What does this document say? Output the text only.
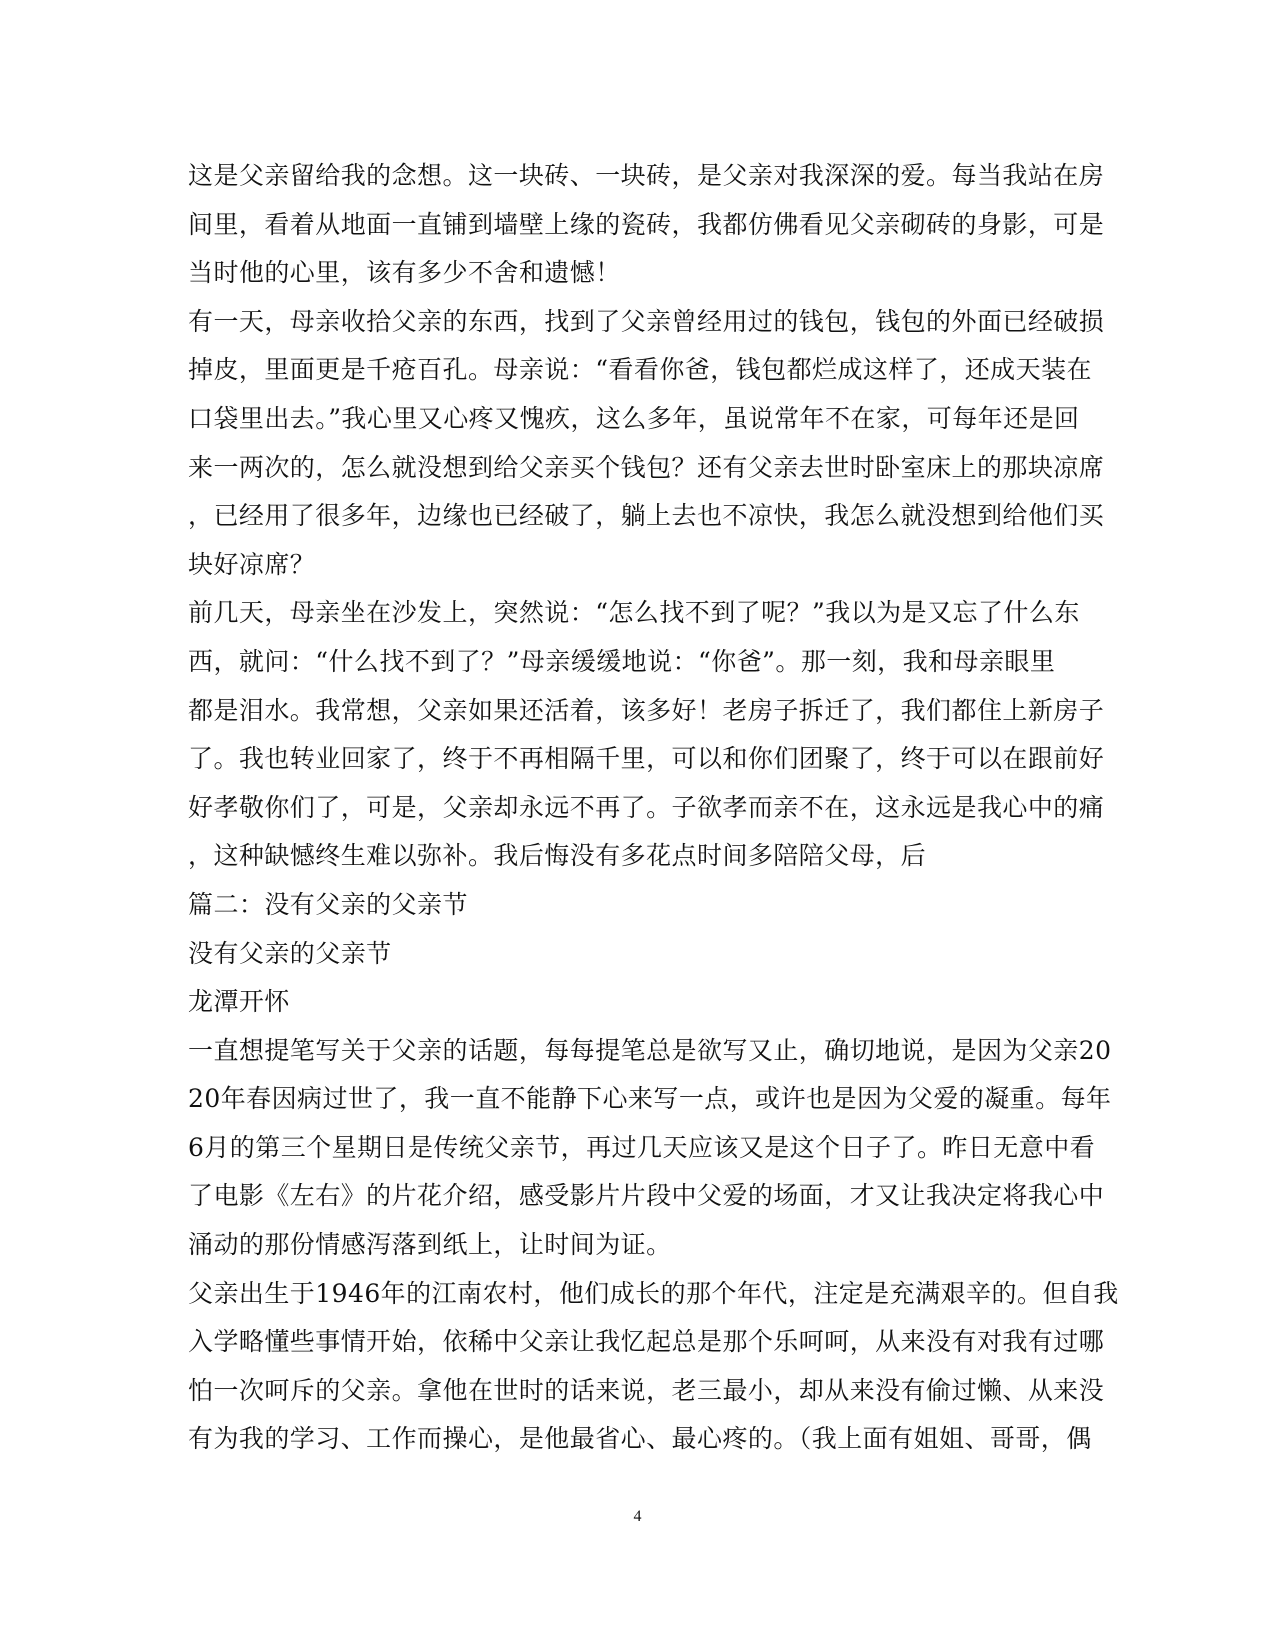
这是父亲留给我的念想。这一块砖、一块砖，是父亲对我深深的爱。每当我站在房
间里，看着从地面一直铺到墙壁上缘的瓷砖，我都仿佛看见父亲砌砖的身影，可是
当时他的心里，该有多少不舍和遗憾！
有一天，母亲收拾父亲的东西，找到了父亲曾经用过的钱包，钱包的外面已经破损
掉皮，里面更是千疮百孔。母亲说：“看看你爸，钱包都烂成这样了，还成天装在
口袋里出去。”我心里又心疼又愧疚，这么多年，虽说常年不在家，可每年还是回
来一两次的，怎么就没想到给父亲买个钱包？还有父亲去世时卧室床上的那块凉席
，已经用了很多年，边缘也已经破了，躺上去也不凉快，我怎么就没想到给他们买
块好凉席？
前几天，母亲坐在沙发上，突然说：“怎么找不到了呢？”我以为是又忘了什么东
西，就问：“什么找不到了？”母亲缓缓地说：“你爸”。那一刻，我和母亲眼里
都是泪水。我常想，父亲如果还活着，该多好！老房子拆迁了，我们都住上新房子
了。我也转业回家了，终于不再相隔千里，可以和你们团聚了，终于可以在跟前好
好孝敬你们了，可是，父亲却永远不再了。子欲孝而亲不在，这永远是我心中的痛
，这种缺憾终生难以弥补。我后悔没有多花点时间多陪陪父母，后
篇二：没有父亲的父亲节
没有父亲的父亲节
龙潭开怀
一直想提笔写关于父亲的话题，每每提笔总是欲写又止，确切地说，是因为父亲20
20年春因病过世了，我一直不能静下心来写一点，或许也是因为父爱的凝重。每年
6月的第三个星期日是传统父亲节，再过几天应该又是这个日子了。昨日无意中看
了电影《左右》的片花介绍，感受影片片段中父爱的场面，才又让我决定将我心中
涌动的那份情感泻落到纸上，让时间为证。
父亲出生于1946年的江南农村，他们成长的那个年代，注定是充满艰辛的。但自我
入学略懂些事情开始，依稀中父亲让我忆起总是那个乐呵呵，从来没有对我有过哪
怕一次呵斥的父亲。拿他在世时的话来说，老三最小，却从来没有偷过懒、从来没
有为我的学习、工作而操心，是他最省心、最心疼的。（我上面有姐姐、哥哥，偶
4
